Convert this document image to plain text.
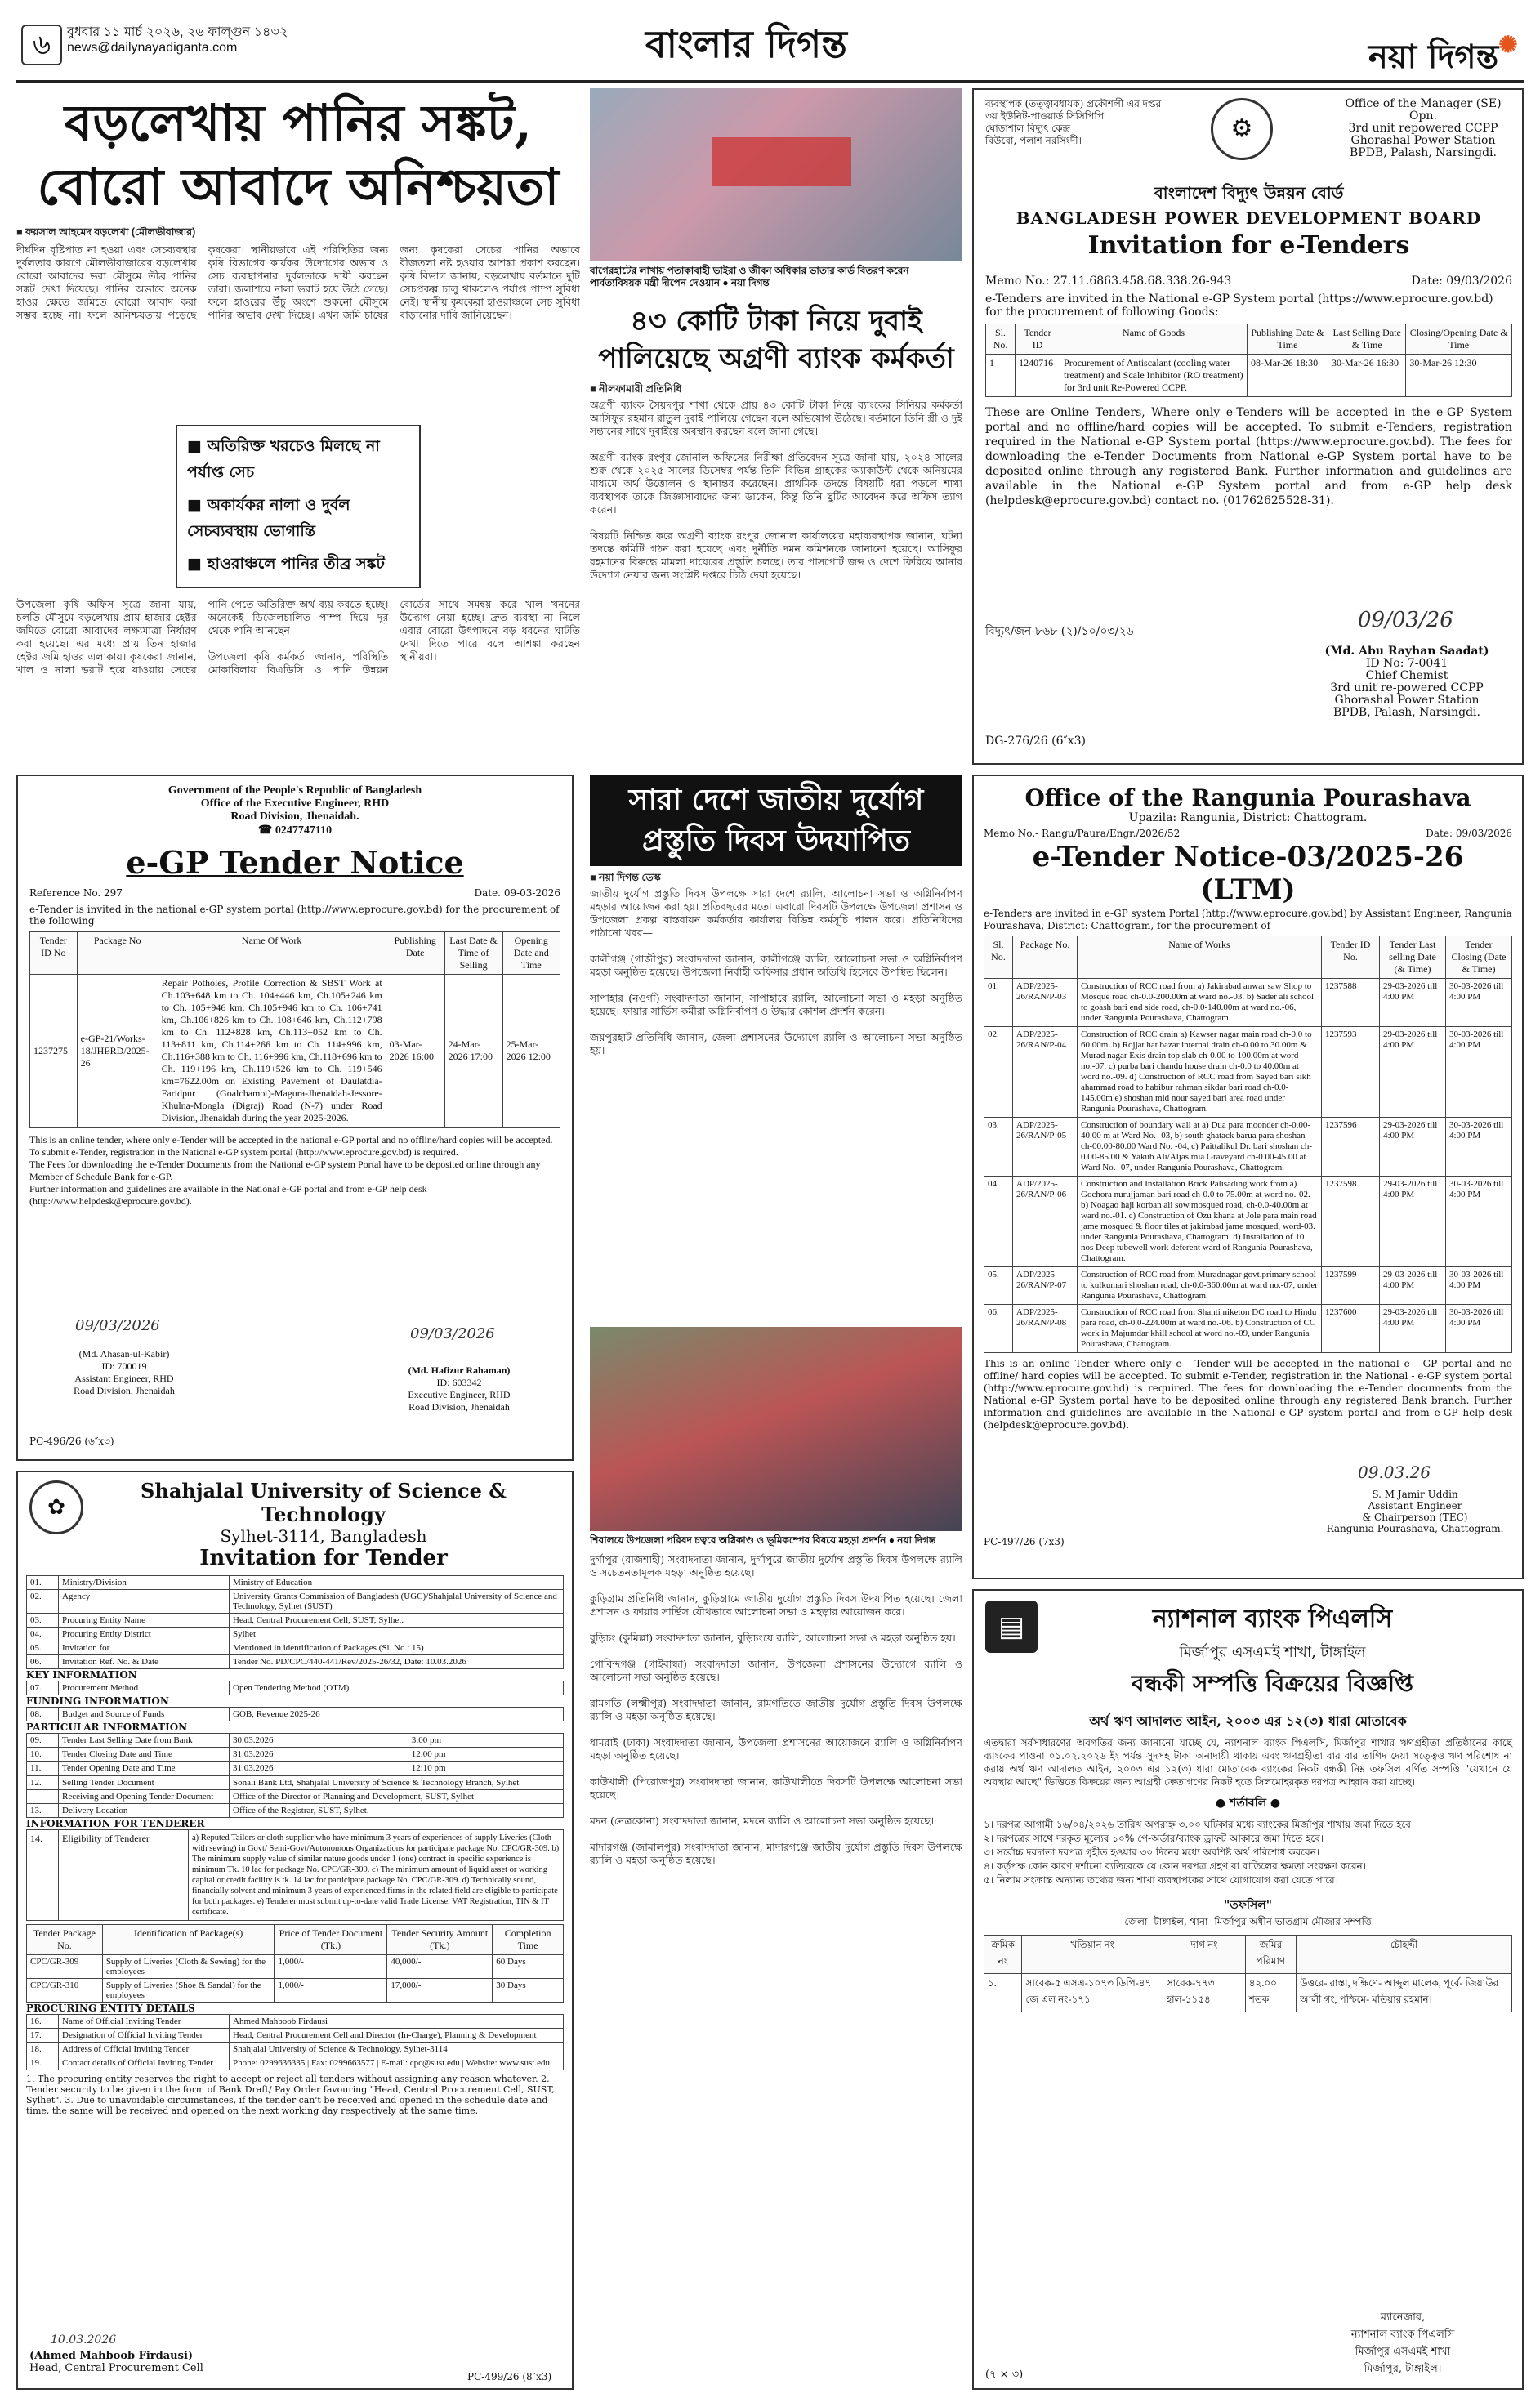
৬	বুধবার ১১ মার্চ ২০২৬, ২৬ ফাল্গুন ১৪৩২
news@dailynayadiganta.com	বাংলার দিগন্ত	নয়া দিগন্ত✺
বড়লেখায় পানির সঙ্কট, বোরো আবাদে অনিশ্চয়তা
■ ফয়সাল আহমেদ বড়লেখা (মৌলভীবাজার)
দীর্ঘদিন বৃষ্টিপাত না হওয়া এবং সেচব্যবস্থার দুর্বলতার কারণে মৌলভীবাজারের বড়লেখায় বোরো আবাদের ভরা মৌসুমে তীব্র পানির সঙ্কট দেখা দিয়েছে। পানির অভাবে অনেক হাওর ক্ষেতে জমিতে বোরো আবাদ করা সম্ভব হচ্ছে না। ফলে অনিশ্চয়তায় পড়েছে কৃষকেরা। স্থানীয়ভাবে এই পরিস্থিতির জন্য কৃষি বিভাগের কার্যকর উদ্যোগের অভাব ও সেচ ব্যবস্থাপনার দুর্বলতাকে দায়ী করছেন তারা। জলাশয়ে নালা ভরাট হয়ে উঠে গেছে। ফলে হাওরের উঁচু অংশে শুকনো মৌসুমে পানির অভাব দেখা দিচ্ছে। এখন জমি চাষের জন্য কৃষকেরা সেচের পানির অভাবে বীজতলা নষ্ট হওয়ার আশঙ্কা প্রকাশ করছেন। কৃষি বিভাগ জানায়, বড়লেখায় বর্তমানে দুটি সেচপ্রকল্প চালু থাকলেও পর্যাপ্ত পাম্প সুবিধা নেই। স্থানীয় কৃষকেরা হাওরাঞ্চলে সেচ সুবিধা বাড়ানোর দাবি জানিয়েছেন।
■ অতিরিক্ত খরচেও মিলছে না পর্যাপ্ত সেচ
■ অকার্যকর নালা ও দুর্বল সেচব্যবস্থায় ভোগান্তি
■ হাওরাঞ্চলে পানির তীব্র সঙ্কট
উপজেলা কৃষি অফিস সূত্রে জানা যায়, চলতি মৌসুমে বড়লেখায় প্রায় হাজার হেক্টর জমিতে বোরো আবাদের লক্ষ্যমাত্রা নির্ধারণ করা হয়েছে। এর মধ্যে প্রায় তিন হাজার হেক্টর জমি হাওর এলাকায়। কৃষকেরা জানান, খাল ও নালা ভরাট হয়ে যাওয়ায় সেচের পানি পেতে অতিরিক্ত অর্থ ব্যয় করতে হচ্ছে। অনেকেই ডিজেলচালিত পাম্প দিয়ে দূর থেকে পানি আনছেন।

উপজেলা কৃষি কর্মকর্তা জানান, পরিস্থিতি মোকাবিলায় বিএডিসি ও পানি উন্নয়ন বোর্ডের সাথে সমন্বয় করে খাল খননের উদ্যোগ নেয়া হচ্ছে। দ্রুত ব্যবস্থা না নিলে এবার বোরো উৎপাদনে বড় ধরনের ঘাটতি দেখা দিতে পারে বলে আশঙ্কা করছেন স্থানীয়রা।
বাগেরহাটের লাখায় পতাকাবাহী ভাইরা ও জীবন অধিকার ভাতার কার্ড বিতরণ করেন পার্বত্যবিষয়ক মন্ত্রী দীপেন দেওয়ান ● নয়া দিগন্ত
৪৩ কোটি টাকা নিয়ে দুবাই পালিয়েছে অগ্রণী ব্যাংক কর্মকর্তা
■ নীলফামারী প্রতিনিধি
অগ্রণী ব্যাংক সৈয়দপুর শাখা থেকে প্রায় ৪৩ কোটি টাকা নিয়ে ব্যাংকের সিনিয়র কর্মকর্তা আসিফুর রহমান রাতুল দুবাই পালিয়ে গেছেন বলে অভিযোগ উঠেছে। বর্তমানে তিনি স্ত্রী ও দুই সন্তানের সাথে দুবাইয়ে অবস্থান করছেন বলে জানা গেছে।

অগ্রণী ব্যাংক রংপুর জোনাল অফিসের নিরীক্ষা প্রতিবেদন সূত্রে জানা যায়, ২০২৪ সালের শুরু থেকে ২০২৫ সালের ডিসেম্বর পর্যন্ত তিনি বিভিন্ন গ্রাহকের অ্যাকাউন্ট থেকে অনিয়মের মাধ্যমে অর্থ উত্তোলন ও স্থানান্তর করেছেন। প্রাথমিক তদন্তে বিষয়টি ধরা পড়লে শাখা ব্যবস্থাপক তাকে জিজ্ঞাসাবাদের জন্য ডাকেন, কিন্তু তিনি ছুটির আবেদন করে অফিস ত্যাগ করেন।

বিষয়টি নিশ্চিত করে অগ্রণী ব্যাংক রংপুর জোনাল কার্যালয়ের মহাব্যবস্থাপক জানান, ঘটনা তদন্তে কমিটি গঠন করা হয়েছে এবং দুর্নীতি দমন কমিশনকে জানানো হয়েছে। আসিফুর রহমানের বিরুদ্ধে মামলা দায়েরের প্রস্তুতি চলছে। তার পাসপোর্ট জব্দ ও দেশে ফিরিয়ে আনার উদ্যোগ নেয়ার জন্য সংশ্লিষ্ট দপ্তরে চিঠি দেয়া হয়েছে।
ব্যবস্থাপক (তত্ত্বাবধায়ক) প্রকৌশলী এর দপ্তর
৩য় ইউনিট-পাওয়ার্ড সিসিপিপি
ঘোড়াশাল বিদ্যুৎ কেন্দ্র
বিউবো, পলাশ নরসিংদী।	⚙
Office of the Manager (SE) Opn.
3rd unit repowered CCPP
Ghorashal Power Station
BPDB, Palash, Narsingdi.
বাংলাদেশ বিদ্যুৎ উন্নয়ন বোর্ড
BANGLADESH POWER DEVELOPMENT BOARD
Invitation for e-Tenders
Memo No.: 27.11.6863.458.68.338.26-943	Date: 09/03/2026
e-Tenders are invited in the National e-GP System portal (https://www.eprocure.gov.bd) for the procurement of following Goods:
Sl. No.	Tender ID	Name of Goods	Publishing Date & Time	Last Selling Date & Time	Closing/Opening Date & Time
1	1240716	Procurement of Antiscalant (cooling water treatment) and Scale Inhibitor (RO treatment) for 3rd unit Re-Powered CCPP.	08-Mar-26 18:30	30-Mar-26 16:30	30-Mar-26 12:30
These are Online Tenders, Where only e-Tenders will be accepted in the e-GP System portal and no offline/hard copies will be accepted. To submit e-Tenders, registration required in the National e-GP System portal (https://www.eprocure.gov.bd). The fees for downloading the e-Tender Documents from National e-GP System portal have to be deposited online through any registered Bank. Further information and guidelines are available in the National e-GP System portal and from e-GP help desk (helpdesk@eprocure.gov.bd) contact no. (01762625528-31).
09/03/26
বিদ্যুৎ/জন-৮৬৮ (২)/১০/০৩/২৬
(Md. Abu Rayhan Saadat)
ID No: 7-0041
Chief Chemist
3rd unit re-powered CCPP
Ghorashal Power Station
BPDB, Palash, Narsingdi.
DG-276/26 (6″x3)
Government of the People's Republic of Bangladesh
Office of the Executive Engineer, RHD
Road Division, Jhenaidah.
☎ 0247747110
e-GP Tender Notice
Reference No. 297	Date. 09-03-2026
e-Tender is invited in the national e-GP system portal (http://www.eprocure.gov.bd) for the procurement of the following
Tender ID No	Package No	Name Of Work	Publishing Date	Last Date & Time of Selling	Opening Date and Time
1237275	e-GP-21/Works-18/JHERD/2025-26	Repair Potholes, Profile Correction & SBST Work at Ch.103+648 km to Ch. 104+446 km, Ch.105+246 km to Ch. 105+946 km, Ch.105+946 km to Ch. 106+741 km, Ch.106+826 km to Ch. 108+646 km, Ch.112+798 km to Ch. 112+828 km, Ch.113+052 km to Ch. 113+811 km, Ch.114+266 km to Ch. 114+996 km, Ch.116+388 km to Ch. 116+996 km, Ch.118+696 km to Ch. 119+196 km, Ch.119+526 km to Ch. 119+546 km=7622.00m on Existing Pavement of Daulatdia-Faridpur (Goalchamot)-Magura-Jhenaidah-Jessore-Khulna-Mongla (Digraj) Road (N-7) under Road Division, Jhenaidah during the year 2025-2026.	03-Mar-2026 16:00	24-Mar-2026 17:00	25-Mar-2026 12:00
This is an online tender, where only e-Tender will be accepted in the national e-GP portal and no offline/hard copies will be accepted.
To submit e-Tender, registration in the National e-GP system portal (http://www.eprocure.gov.bd) is required.
The Fees for downloading the e-Tender Documents from the National e-GP system Portal have to be deposited online through any Member of Schedule Bank for e-GP.
Further information and guidelines are available in the National e-GP portal and from e-GP help desk (http://www.helpdesk@eprocure.gov.bd).
09/03/2026	09/03/2026
(Md. Ahasan-ul-Kabir)
ID: 700019
Assistant Engineer, RHD
Road Division, Jhenaidah
(Md. Hafizur Rahaman)
ID: 603342
Executive Engineer, RHD
Road Division, Jhenaidah
PC-496/26 (৬″x৩)
সারা দেশে জাতীয় দুর্যোগ প্রস্তুতি দিবস উদযাপিত
■ নয়া দিগন্ত ডেস্ক
জাতীয় দুর্যোগ প্রস্তুতি দিবস উপলক্ষে সারা দেশে র‍্যালি, আলোচনা সভা ও অগ্নিনির্বাপণ মহড়ার আয়োজন করা হয়। প্রতিবছরের মতো এবারো দিবসটি উপলক্ষে উপজেলা প্রশাসন ও উপজেলা প্রকল্প বাস্তবায়ন কর্মকর্তার কার্যালয় বিভিন্ন কর্মসূচি পালন করে। প্রতিনিধিদের পাঠানো খবর—

কালীগঞ্জ (গাজীপুর) সংবাদদাতা জানান, কালীগঞ্জে র‍্যালি, আলোচনা সভা ও অগ্নিনির্বাপণ মহড়া অনুষ্ঠিত হয়েছে। উপজেলা নির্বাহী অফিসার প্রধান অতিথি হিসেবে উপস্থিত ছিলেন।

সাপাহার (নওগাঁ) সংবাদদাতা জানান, সাপাহারে র‍্যালি, আলোচনা সভা ও মহড়া অনুষ্ঠিত হয়েছে। ফায়ার সার্ভিস কর্মীরা অগ্নিনির্বাপণ ও উদ্ধার কৌশল প্রদর্শন করেন।

জয়পুরহাট প্রতিনিধি জানান, জেলা প্রশাসনের উদ্যোগে র‍্যালি ও আলোচনা সভা অনুষ্ঠিত হয়।
শিবালয়ে উপজেলা পরিষদ চত্বরে অগ্নিকাণ্ড ও ভূমিকম্পের বিষয়ে মহড়া প্রদর্শন ● নয়া দিগন্ত
দুর্গাপুর (রাজশাহী) সংবাদদাতা জানান, দুর্গাপুরে জাতীয় দুর্যোগ প্রস্তুতি দিবস উপলক্ষে র‍্যালি ও সচেতনতামূলক মহড়া অনুষ্ঠিত হয়েছে।

কুড়িগ্রাম প্রতিনিধি জানান, কুড়িগ্রামে জাতীয় দুর্যোগ প্রস্তুতি দিবস উদযাপিত হয়েছে। জেলা প্রশাসন ও ফায়ার সার্ভিস যৌথভাবে আলোচনা সভা ও মহড়ার আয়োজন করে।

বুড়িচং (কুমিল্লা) সংবাদদাতা জানান, বুড়িচংয়ে র‍্যালি, আলোচনা সভা ও মহড়া অনুষ্ঠিত হয়।

গোবিন্দগঞ্জ (গাইবান্ধা) সংবাদদাতা জানান, উপজেলা প্রশাসনের উদ্যোগে র‍্যালি ও আলোচনা সভা অনুষ্ঠিত হয়েছে।

রামগতি (লক্ষ্মীপুর) সংবাদদাতা জানান, রামগতিতে জাতীয় দুর্যোগ প্রস্তুতি দিবস উপলক্ষে র‍্যালি ও মহড়া অনুষ্ঠিত হয়েছে।

ধামরাই (ঢাকা) সংবাদদাতা জানান, উপজেলা প্রশাসনের আয়োজনে র‍্যালি ও অগ্নিনির্বাপণ মহড়া অনুষ্ঠিত হয়েছে।

কাউখালী (পিরোজপুর) সংবাদদাতা জানান, কাউখালীতে দিবসটি উপলক্ষে আলোচনা সভা হয়েছে।

মদন (নেত্রকোনা) সংবাদদাতা জানান, মদনে র‍্যালি ও আলোচনা সভা অনুষ্ঠিত হয়েছে।

মাদারগঞ্জ (জামালপুর) সংবাদদাতা জানান, মাদারগঞ্জে জাতীয় দুর্যোগ প্রস্তুতি দিবস উপলক্ষে র‍্যালি ও মহড়া অনুষ্ঠিত হয়েছে।
Office of the Rangunia Pourashava
Upazila: Rangunia, District: Chattogram.
Memo No.- Rangu/Paura/Engr./2026/52	Date: 09/03/2026
e-Tender Notice-03/2025-26 (LTM)
e-Tenders are invited in e-GP system Portal (http://www.eprocure.gov.bd) by Assistant Engineer, Rangunia Pourashava, District: Chattogram, for the procurement of
Sl. No.	Package No.	Name of Works	Tender ID No.	Tender Last selling Date (& Time)	Tender Closing (Date & Time)
01.	ADP/2025-26/RAN/P-03	Construction of RCC road from a) Jakirabad anwar saw Shop to Mosque road ch-0.0-200.00m at ward no.-03. b) Sader ali school to goash bari end side road, ch-0.0-140.00m at ward no.-06, under Rangunia Pourashava, Chattogram.	1237588	29-03-2026 till 4:00 PM	30-03-2026 till 4:00 PM
02.	ADP/2025-26/RAN/P-04	Construction of RCC drain a) Kawser nagar main road ch-0.0 to 60.00m. b) Rojjat hat bazar internal drain ch-0.00 to 30.00m & Murad nagar Exis drain top slab ch-0.00 to 100.00m at word no.-07. c) purba bari chandu house drain ch-0.0 to 40.00m at word no.-09. d) Construction of RCC road from Sayed bari sikh ahammad road to habibur rahman sikdar bari road ch-0.0-145.00m e) shoshan mid nour sayed bari area road under Rangunia Pourashava, Chattogram.	1237593	29-03-2026 till 4:00 PM	30-03-2026 till 4:00 PM
03.	ADP/2025-26/RAN/P-05	Construction of boundary wall at a) Dua para moonder ch-0.00-40.00 m at Ward No. -03, b) south ghatack barua para shoshan ch-00.00-80.00 Ward No. -04, c) Paittalikul Dr. bari shoshan ch-0.00-85.00 & Yakub Ali/Aljas mia Graveyard ch-0.00-45.00 at Ward No. -07, under Rangunia Pourashava, Chattogram.	1237596	29-03-2026 till 4:00 PM	30-03-2026 till 4:00 PM
04.	ADP/2025-26/RAN/P-06	Construction and Installation Brick Palisading work from a) Gochora nurujjaman bari road ch-0.0 to 75.00m at word no.-02. b) Noagao haji korban ali sow.mosqued road, ch-0.0-40.00m at ward no.-01. c) Construction of Ozu khana at Jole para main road jame mosqued & floor tiles at jakirabad jame mosqued, word-03. under Rangunia Pourashava, Chattogram. d) Installation of 10 nos Deep tubewell work deferent ward of Rangunia Pourashava, Chattogram.	1237598	29-03-2026 till 4:00 PM	30-03-2026 till 4:00 PM
05.	ADP/2025-26/RAN/P-07	Construction of RCC road from Muradnagar govt.primary school to kulkumari shoshan road, ch-0.0-360.00m at ward no.-07, under Rangunia Pourashava, Chattogram.	1237599	29-03-2026 till 4:00 PM	30-03-2026 till 4:00 PM
06.	ADP/2025-26/RAN/P-08	Construction of RCC road from Shanti niketon DC road to Hindu para road, ch-0.0-224.00m at ward no.-06. b) Construction of CC work in Majumdar khill school at word no.-09, under Rangunia Pourashava, Chattogram.	1237600	29-03-2026 till 4:00 PM	30-03-2026 till 4:00 PM
This is an online Tender where only e - Tender will be accepted in the national e - GP portal and no offline/ hard copies will be accepted. To submit e-Tender, registration in the National - e-GP system portal (http://www.eprocure.gov.bd) is required. The fees for downloading the e-Tender documents from the National e-GP System portal have to be deposited online through any registered Bank branch. Further information and guidelines are available in the National e-GP system portal and from e-GP help desk (helpdesk@eprocure.gov.bd).
09.03.26
S. M Jamir Uddin
Assistant Engineer
& Chairperson (TEC)
Rangunia Pourashava, Chattogram.
PC-497/26 (7x3)
✿
Shahjalal University of Science & Technology
Sylhet-3114, Bangladesh
Invitation for Tender
01.	Ministry/Division	Ministry of Education
02.	Agency	University Grants Commission of Bangladesh (UGC)/Shahjalal University of Science and Technology, Sylhet (SUST)
03.	Procuring Entity Name	Head, Central Procurement Cell, SUST, Sylhet.
04.	Procuring Entity District	Sylhet
05.	Invitation for	Mentioned in identification of Packages (Sl. No.: 15)
06.	Invitation Ref. No. & Date	Tender No. PD/CPC/440-441/Rev/2025-26/32, Date: 10.03.2026
KEY INFORMATION
07.	Procurement Method	Open Tendering Method (OTM)
FUNDING INFORMATION
08.	Budget and Source of Funds	GOB, Revenue 2025-26
PARTICULAR INFORMATION
09.	Tender Last Selling Date from Bank	30.03.2026	3:00 pm
10.	Tender Closing Date and Time	31.03.2026	12:00 pm
11.	Tender Opening Date and Time	31.03.2026	12:10 pm
12.	Selling Tender Document	Sonali Bank Ltd, Shahjalal University of Science & Technology Branch, Sylhet
	Receiving and Opening Tender Document	Office of the Director of Planning and Development, SUST, Sylhet
13.	Delivery Location	Office of the Registrar, SUST, Sylhet.
INFORMATION FOR TENDERER
14.	Eligibility of Tenderer	a) Reputed Tailors or cloth supplier who have minimum 3 years of experiences of supply Liveries (Cloth with sewing) in Govt/ Semi-Govt/Autonomous Organizations for participate package No. CPC/GR-309. b) The minimum supply value of similar nature goods under 1 (one) contract in specific experience is minimum Tk. 10 lac for package No. CPC/GR-309. c) The minimum amount of liquid asset or working capital or credit facility is tk. 14 lac for participate package No. CPC/GR-309. d) Technically sound, financially solvent and minimum 3 years of experienced firms in the related field are eligible to participate for both packages. e) Tenderer must submit up-to-date valid Trade License, VAT Registration, TIN & IT certificate.
Tender Package No.	Identification of Package(s)	Price of Tender Document (Tk.)	Tender Security Amount (Tk.)	Completion Time
CPC/GR-309	Supply of Liveries (Cloth & Sewing) for the employees	1,000/-	40,000/-	60 Days
CPC/GR-310	Supply of Liveries (Shoe & Sandal) for the employees	1,000/-	17,000/-	30 Days
PROCURING ENTITY DETAILS
16.	Name of Official Inviting Tender	Ahmed Mahboob Firdausi
17.	Designation of Official Inviting Tender	Head, Central Procurement Cell and Director (In-Charge), Planning & Development
18.	Address of Official Inviting Tender	Shahjalal University of Science & Technology, Sylhet-3114
19.	Contact details of Official Inviting Tender	Phone: 0299636335 | Fax: 0299663577 | E-mail: cpc@sust.edu | Website: www.sust.edu
1. The procuring entity reserves the right to accept or reject all tenders without assigning any reason whatever. 2. Tender security to be given in the form of Bank Draft/ Pay Order favouring "Head, Central Procurement Cell, SUST, Sylhet". 3. Due to unavoidable circumstances, if the tender can't be received and opened in the schedule date and time, the same will be received and opened on the next working day respectively at the same time.
10.03.2026
(Ahmed Mahboob Firdausi)
Head, Central Procurement Cell
PC-499/26 (8″x3)
▤	ন্যাশনাল ব্যাংক পিএলসি
মির্জাপুর এসএমই শাখা, টাঙ্গাইল
বন্ধকী সম্পত্তি বিক্রয়ের বিজ্ঞপ্তি
অর্থ ঋণ আদালত আইন, ২০০৩ এর ১২(৩) ধারা মোতাবেক
এতদ্বারা সর্বসাধারণের অবগতির জন্য জানানো যাচ্ছে যে, ন্যাশনাল ব্যাংক পিএলসি, মির্জাপুর শাখার ঋণগ্রহীতা প্রতিষ্ঠানের কাছে ব্যাংকের পাওনা ০১.০২.২০২৬ ইং পর্যন্ত সুদসহ টাকা অনাদায়ী থাকায় এবং ঋণগ্রহীতা বার বার তাগিদ দেয়া সত্ত্বেও ঋণ পরিশোধ না করায় অর্থ ঋণ আদালত আইন, ২০০৩ এর ১২(৩) ধারা মোতাবেক ব্যাংকের নিকট বন্ধকী নিম্ন তফসিল বর্ণিত সম্পত্তি "যেখানে যে অবস্থায় আছে" ভিত্তিতে বিক্রয়ের জন্য আগ্রহী ক্রেতাগণের নিকট হতে সিলমোহরকৃত দরপত্র আহ্বান করা যাচ্ছে।
● শর্তাবলি ●
১। দরপত্র আগামী ১৬/০৪/২০২৬ তারিখ অপরাহ্ন ৩.০০ ঘটিকার মধ্যে ব্যাংকের মির্জাপুর শাখায় জমা দিতে হবে।
২। দরপত্রের সাথে দরকৃত মূল্যের ১০% পে-অর্ডার/ব্যাংক ড্রাফট আকারে জমা দিতে হবে।
৩। সর্বোচ্চ দরদাতা দরপত্র গৃহীত হওয়ার ৩০ দিনের মধ্যে অবশিষ্ট অর্থ পরিশোধ করবেন।
৪। কর্তৃপক্ষ কোন কারণ দর্শানো ব্যতিরেকে যে কোন দরপত্র গ্রহণ বা বাতিলের ক্ষমতা সংরক্ষণ করেন।
৫। নিলাম সংক্রান্ত অন্যান্য তথ্যের জন্য শাখা ব্যবস্থাপকের সাথে যোগাযোগ করা যেতে পারে।
"তফসিল"
জেলা- টাঙ্গাইল, থানা- মির্জাপুর অধীন ভাতগ্রাম মৌজার সম্পত্তি
ক্রমিক নং	খতিয়ান নং	দাগ নং	জমির পরিমাণ	চৌহদ্দী
১.	সাবেক-৫ এসএ-১০৭৩ ডিপি-৪৭ জে এল নং-১৭১	সাবেক-৭৭৩ হাল-১১৫৪	৪২.০০ শতক	উত্তরে- রাস্তা, দক্ষিণে- আব্দুল মালেক, পূর্বে- জিয়াউর আলী গং, পশ্চিমে- মতিয়ার রহমান।
ম্যানেজার,
ন্যাশনাল ব্যাংক পিএলসি
মির্জাপুর এসএমই শাখা
মির্জাপুর, টাঙ্গাইল।
(৭ × ৩)
